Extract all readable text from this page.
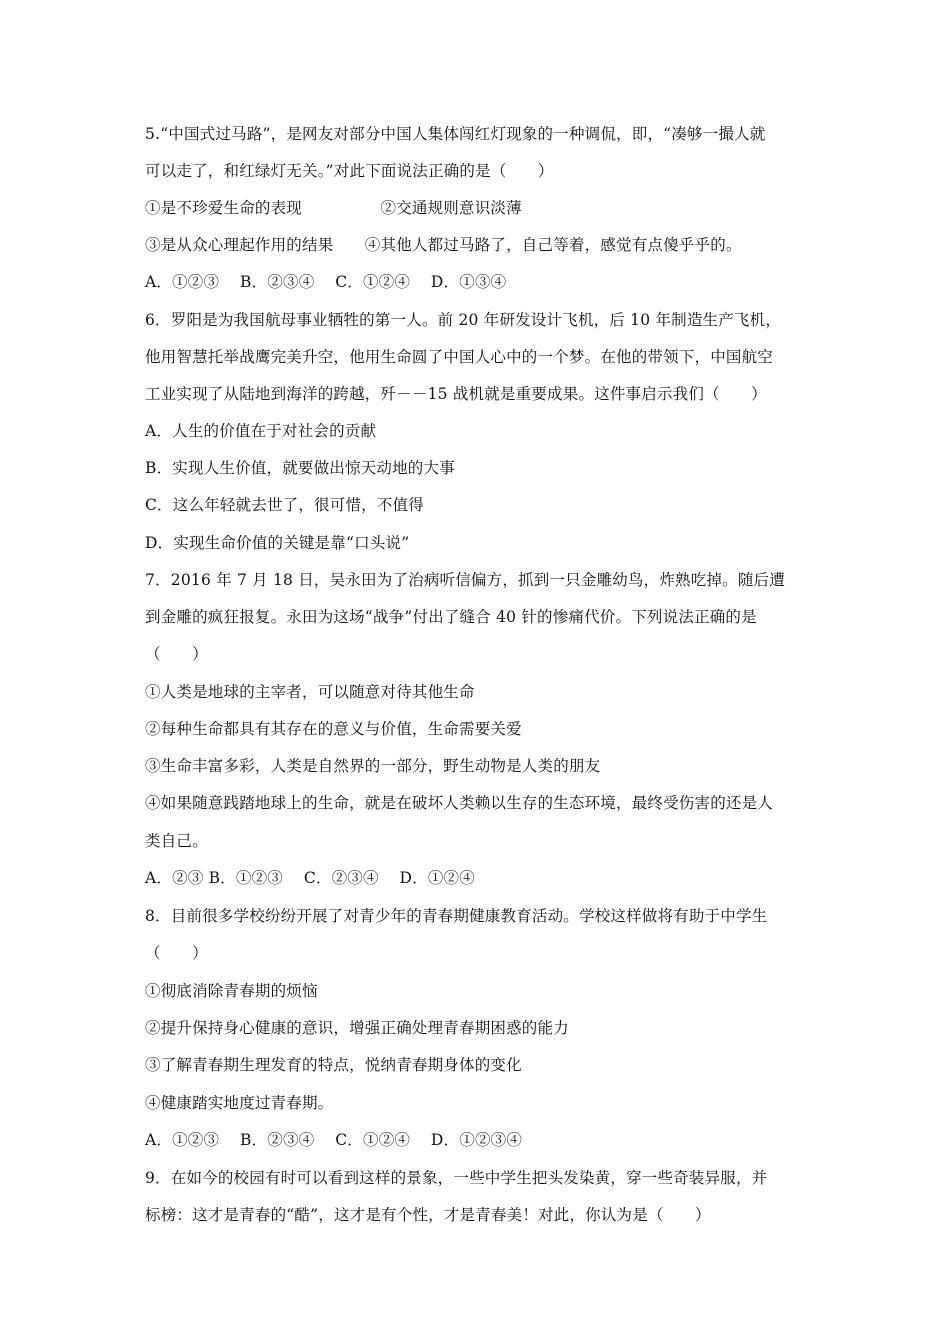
5.“中国式过马路”，是网友对部分中国人集体闯红灯现象的一种调侃，即，“凑够一撮人就
可以走了，和红绿灯无关。”对此下面说法正确的是（　　）
①是不珍爱生命的表现　　　　　②交通规则意识淡薄
③是从众心理起作用的结果　　④其他人都过马路了，自己等着，感觉有点傻乎乎的。
A．①②③　 B．②③④　 C．①②④　 D．①③④
6．罗阳是为我国航母事业牺牲的第一人。前 20 年研发设计飞机，后 10 年制造生产飞机，
他用智慧托举战鹰完美升空，他用生命圆了中国人心中的一个梦。在他的带领下，中国航空
工业实现了从陆地到海洋的跨越，歼－－15 战机就是重要成果。这件事启示我们（　　）
A．人生的价值在于对社会的贡献
B．实现人生价值，就要做出惊天动地的大事
C．这么年轻就去世了，很可惜，不值得
D．实现生命价值的关键是靠“口头说”
7．2016 年 7 月 18 日，吴永田为了治病听信偏方，抓到一只金雕幼鸟，炸熟吃掉。随后遭
到金雕的疯狂报复。永田为这场“战争”付出了缝合 40 针的惨痛代价。下列说法正确的是
（　　）
①人类是地球的主宰者，可以随意对待其他生命
②每种生命都具有其存在的意义与价值，生命需要关爱
③生命丰富多彩，人类是自然界的一部分，野生动物是人类的朋友
④如果随意践踏地球上的生命，就是在破坏人类赖以生存的生态环境，最终受伤害的还是人
类自己。
A．②③ B．①②③　 C．②③④　 D．①②④
8．目前很多学校纷纷开展了对青少年的青春期健康教育活动。学校这样做将有助于中学生
（　　）
①彻底消除青春期的烦恼
②提升保持身心健康的意识，增强正确处理青春期困惑的能力
③了解青春期生理发育的特点，悦纳青春期身体的变化
④健康踏实地度过青春期。
A．①②③　 B．②③④　 C．①②④　 D．①②③④
9．在如今的校园有时可以看到这样的景象，一些中学生把头发染黄，穿一些奇装异服，并
标榜：这才是青春的“酷”，这才是有个性，才是青春美！对此，你认为是（　　）
